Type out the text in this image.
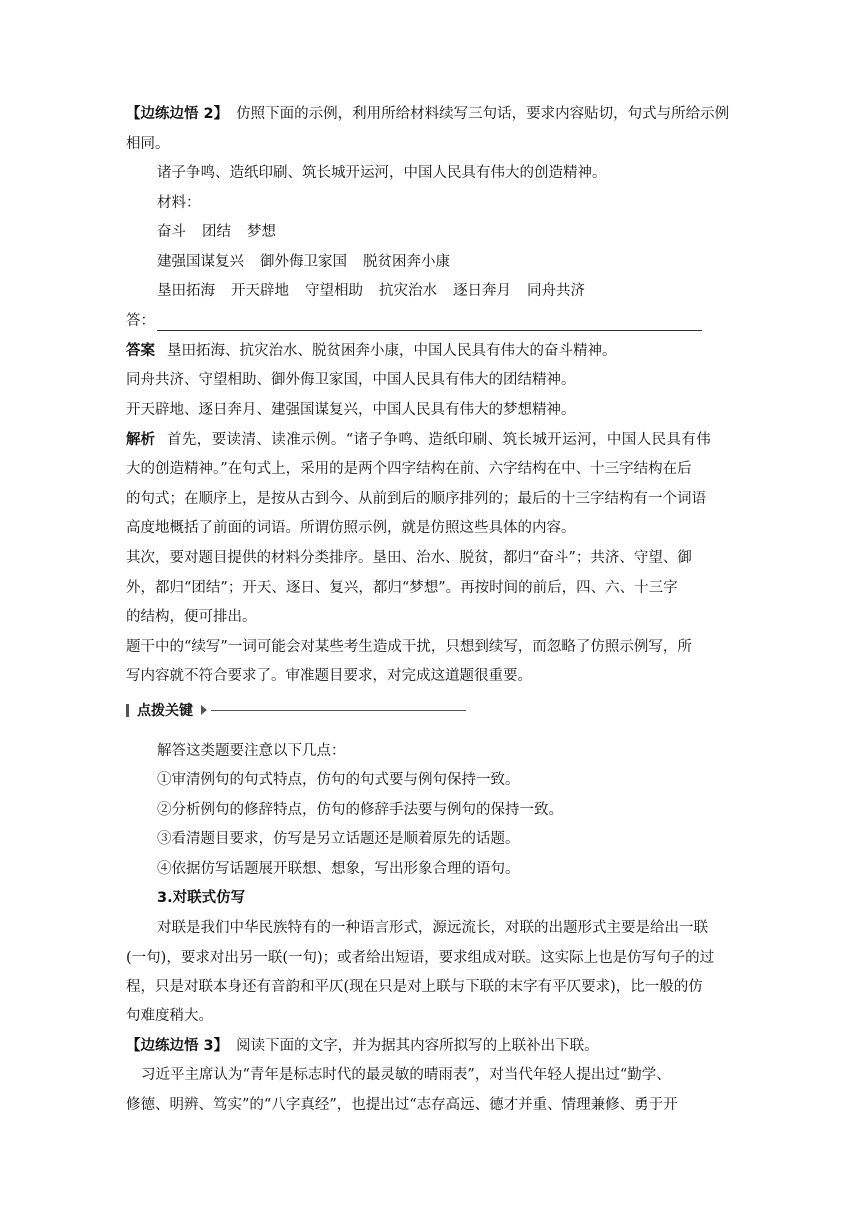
【边练边悟 2】 仿照下面的示例，利用所给材料续写三句话，要求内容贴切，句式与所给示例
相同。
诸子争鸣、造纸印刷、筑长城开运河，中国人民具有伟大的创造精神。
材料：
奋斗 团结 梦想
建强国谋复兴 御外侮卫家国 脱贫困奔小康
垦田拓海 开天辟地 守望相助 抗灾治水 逐日奔月 同舟共济
答：
答案 垦田拓海、抗灾治水、脱贫困奔小康，中国人民具有伟大的奋斗精神。
同舟共济、守望相助、御外侮卫家国，中国人民具有伟大的团结精神。
开天辟地、逐日奔月、建强国谋复兴，中国人民具有伟大的梦想精神。
解析 首先，要读清、读准示例。“诸子争鸣、造纸印刷、筑长城开运河，中国人民具有伟
大的创造精神。”在句式上，采用的是两个四字结构在前、六字结构在中、十三字结构在后
的句式；在顺序上，是按从古到今、从前到后的顺序排列的；最后的十三字结构有一个词语
高度地概括了前面的词语。所谓仿照示例，就是仿照这些具体的内容。
其次，要对题目提供的材料分类排序。垦田、治水、脱贫，都归“奋斗”；共济、守望、御
外，都归“团结”；开天、逐日、复兴，都归“梦想”。再按时间的前后，四、六、十三字
的结构，便可排出。
题干中的“续写”一词可能会对某些考生造成干扰，只想到续写，而忽略了仿照示例写，所
写内容就不符合要求了。审准题目要求，对完成这道题很重要。
点拨关键
解答这类题要注意以下几点：
①审清例句的句式特点，仿句的句式要与例句保持一致。
②分析例句的修辞特点，仿句的修辞手法要与例句的保持一致。
③看清题目要求，仿写是另立话题还是顺着原先的话题。
④依据仿写话题展开联想、想象，写出形象合理的语句。
3.对联式仿写
对联是我们中华民族特有的一种语言形式，源远流长，对联的出题形式主要是给出一联
(一句)，要求对出另一联(一句)；或者给出短语，要求组成对联。这实际上也是仿写句子的过
程，只是对联本身还有音韵和平仄(现在只是对上联与下联的末字有平仄要求)，比一般的仿
句难度稍大。
【边练边悟 3】 阅读下面的文字，并为据其内容所拟写的上联补出下联。
习近平主席认为“青年是标志时代的最灵敏的晴雨表”，对当代年轻人提出过“勤学、
修德、明辨、笃实”的“八字真经”，也提出过“志存高远、德才并重、情理兼修、勇于开
